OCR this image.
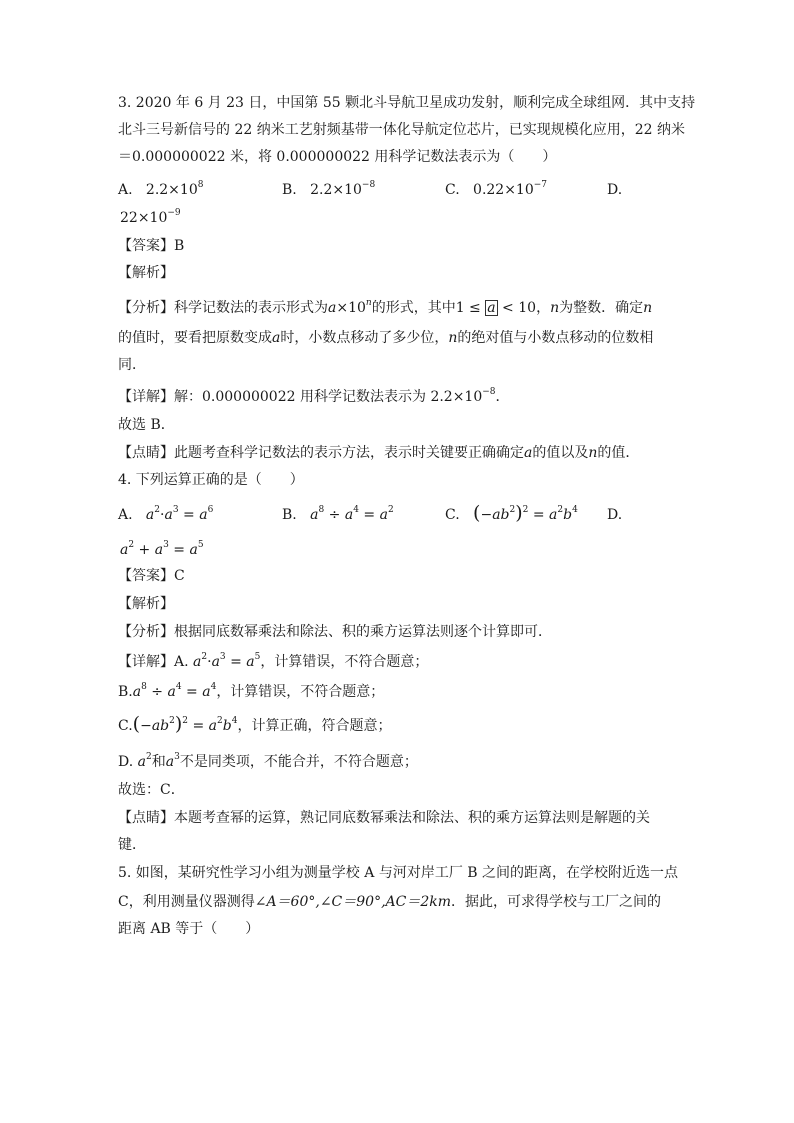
3. 2020 年 6 月 23 日，中国第 55 颗北斗导航卫星成功发射，顺利完成全球组网．其中支持
北斗三号新信号的 22 纳米工艺射频基带一体化导航定位芯片，已实现规模化应用，22 纳米
＝0.000000022 米，将 0.000000022 用科学记数法表示为（　　）
A. $2.2\times 10^8$	B. $2.2\times 10^{-8}$	C. $0.22\times 10^{-7}$	D.
$22\times 10^{-9}$
【答案】B
【解析】
【分析】科学记数法的表示形式为$a\times 10^n$的形式，其中1 ≤ a < 10，n为整数．确定n
的值时，要看把原数变成a时，小数点移动了多少位，n的绝对值与小数点移动的位数相
同．
【详解】解：0.000000022 用科学记数法表示为 $2.2\times 10^{-8}$．
故选 B．
【点睛】此题考查科学记数法的表示方法，表示时关键要正确确定a的值以及n的值．
4. 下列运算正确的是（　　）
A. $a^2\cdot a^3 = a^6$	B. $a^8 \div a^4 = a^2$	C. $(-ab^2)^2 = a^2b^4$ D.
$a^2 + a^3 = a^5$
【答案】C
【解析】
【分析】根据同底数幂乘法和除法、积的乘方运算法则逐个计算即可．
【详解】A. $a^2\cdot a^3 = a^5$，计算错误，不符合题意；
$B.a^8 \div a^4 = a^4$，计算错误，不符合题意；
$C.(-ab^2)^2 = a^2b^4$，计算正确，符合题意；
D. $a^2$和$a^3$不是同类项，不能合并，不符合题意；
故选：C．
【点睛】本题考查幂的运算，熟记同底数幂乘法和除法、积的乘方运算法则是解题的关
键．
5. 如图，某研究性学习小组为测量学校 A 与河对岸工厂 B 之间的距离，在学校附近选一点
C，利用测量仪器测得∠A＝60°,∠C＝90°,AC＝2km．据此，可求得学校与工厂之间的
距离 AB 等于（　　）
